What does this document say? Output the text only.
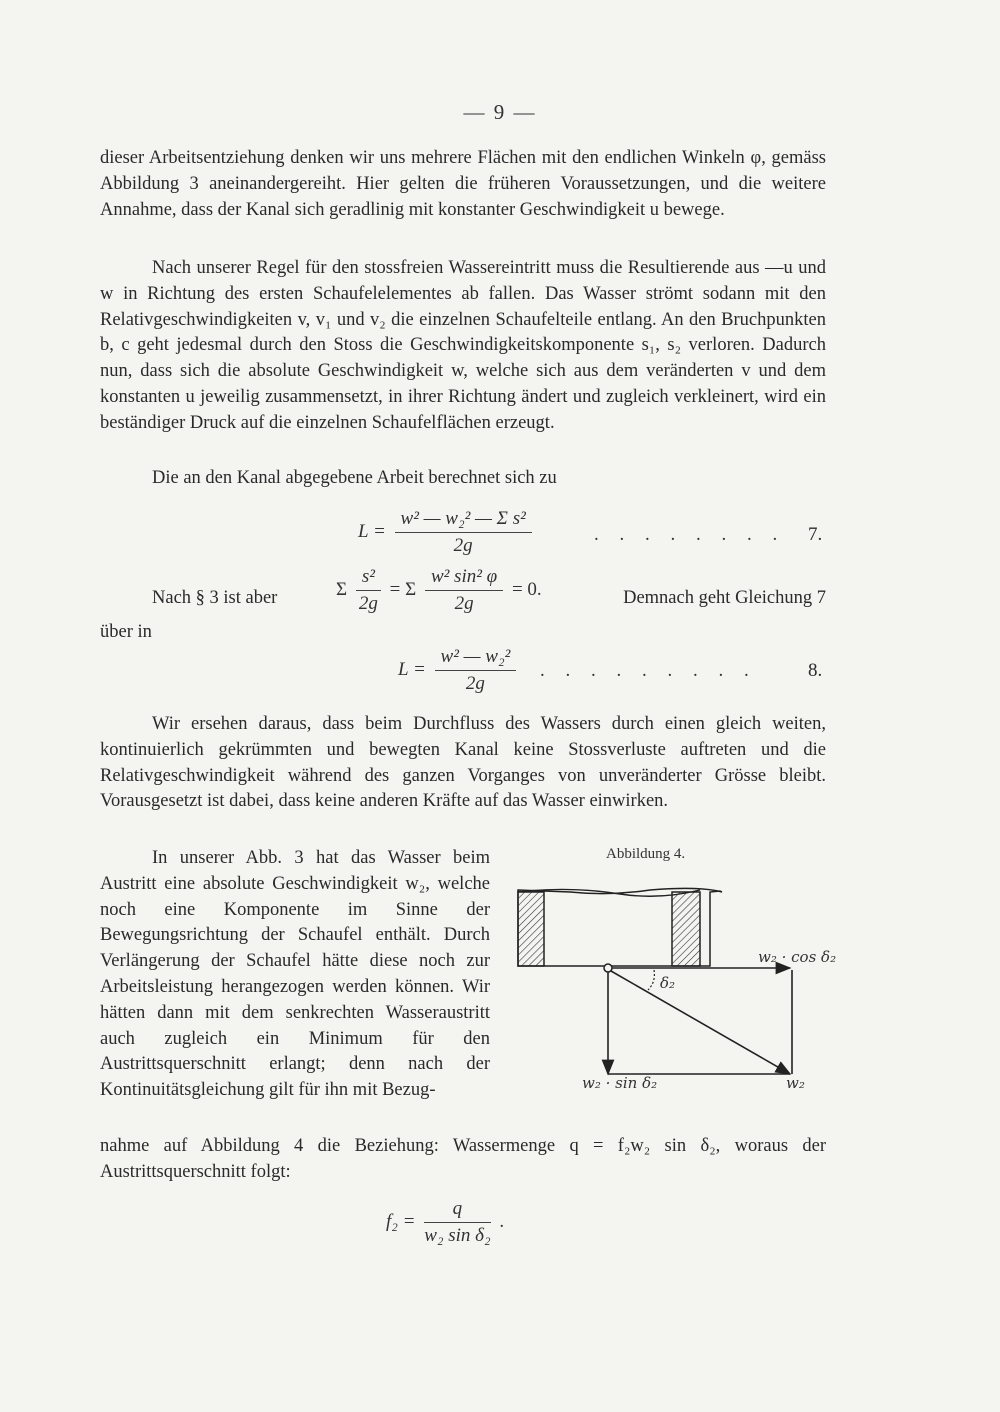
— 9 —

dieser Arbeitsentziehung denken wir uns mehrere Flächen mit den endlichen Winkeln φ, gemäss Abbildung 3 aneinandergereiht. Hier gelten die früheren Voraussetzungen, und die weitere Annahme, dass der Kanal sich geradlinig mit konstanter Geschwindigkeit u bewege.

Nach unserer Regel für den stossfreien Wassereintritt muss die Resultierende aus —u und w in Richtung des ersten Schaufelelementes ab fallen. Das Wasser strömt sodann mit den Relativgeschwindigkeiten v, v₁ und v₂ die einzelnen Schaufelteile entlang. An den Bruchpunkten b, c geht jedesmal durch den Stoss die Geschwindigkeitskomponente s₁, s₂ verloren. Dadurch nun, dass sich die absolute Geschwindigkeit w, welche sich aus dem veränderten v und dem konstanten u jeweilig zusammensetzt, in ihrer Richtung ändert und zugleich verkleinert, wird ein beständiger Druck auf die einzelnen Schaufelflächen erzeugt.

Die an den Kanal abgegebene Arbeit berechnet sich zu

$L = \frac{\text{w² — w₂² — Σ s²}}{2g}$	. . . . . . . . 7.
Nach § 3 ist aber	Σ $\frac{\text{s²}}{2g} = \Sigma \frac{\text{w² sin² φ}}{2g} = 0$.	Demnach geht Gleichung 7
über in
$L = \frac{\text{w² — w₂²}}{2g}$ . . . . . . . . .	8.

Wir ersehen daraus, dass beim Durchfluss des Wassers durch einen gleich weiten, kontinuierlich gekrümmten und bewegten Kanal keine Stossverluste auftreten und die Relativgeschwindigkeit während des ganzen Vorganges von unveränderter Grösse bleibt. Vorausgesetzt ist dabei, dass keine anderen Kräfte auf das Wasser einwirken.

In unserer Abb. 3 hat das Wasser beim Austritt eine absolute Geschwindigkeit w₂, welche noch eine Komponente im Sinne der Bewegungsrichtung der Schaufel enthält. Durch Verlängerung der Schaufel hätte diese noch zur Arbeitsleistung herangezogen werden können. Wir hätten dann mit dem senkrechten Wasseraustritt auch zugleich ein Minimum für den Austrittsquerschnitt erlangt; denn nach der Kontinuitätsgleichung gilt für ihn mit Bezug-

Abbildung 4.
w₂ · cos δ₂
δ₂
w₂ · sin δ₂	w₂

nahme auf Abbildung 4 die Beziehung: Wassermenge q = f₂w₂ sin δ₂, woraus der Austrittsquerschnitt folgt:

$f_2 = \frac{q}{\text{w₂ sin δ₂}}$ .
